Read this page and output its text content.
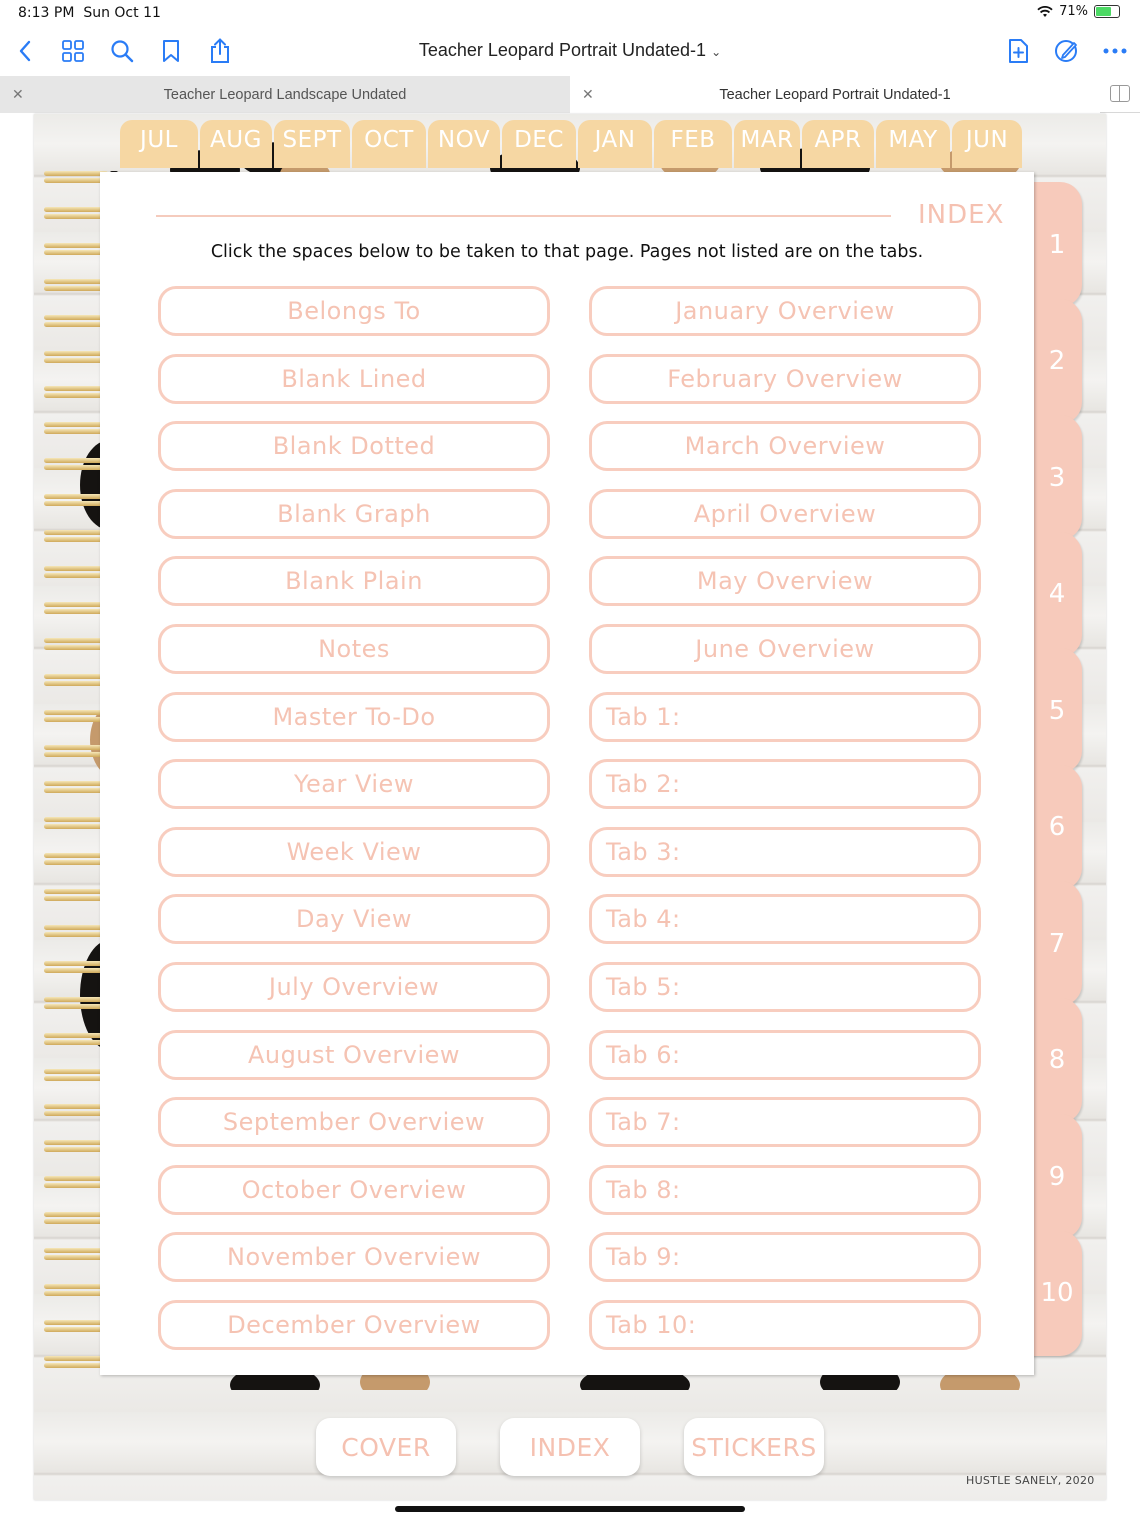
8:13 PM Sun Oct 11	71%
Teacher Leopard Portrait Undated-1 ⌄
✕	Teacher Leopard Landscape Undated	✕	Teacher Leopard Portrait Undated-1
JUL	AUG SEPT OCT	NOV	DEC	JAN	FEB	MAR APR	MAY	JUN
1
2
3
4
5
6
7
8
9
10
INDEX
Click the spaces below to be taken to that page. Pages not listed are on the tabs.
Belongs To
Blank Lined
Blank Dotted
Blank Graph
Blank Plain
Notes
Master To-Do
Year View
Week View
Day View
July Overview
August Overview
September Overview
October Overview
November Overview
December Overview
January Overview
February Overview
March Overview
April Overview
May Overview
June Overview
Tab 1:
Tab 2:
Tab 3:
Tab 4:
Tab 5:
Tab 6:
Tab 7:
Tab 8:
Tab 9:
Tab 10:
COVER	INDEX	STICKERS
HUSTLE SANELY, 2020
